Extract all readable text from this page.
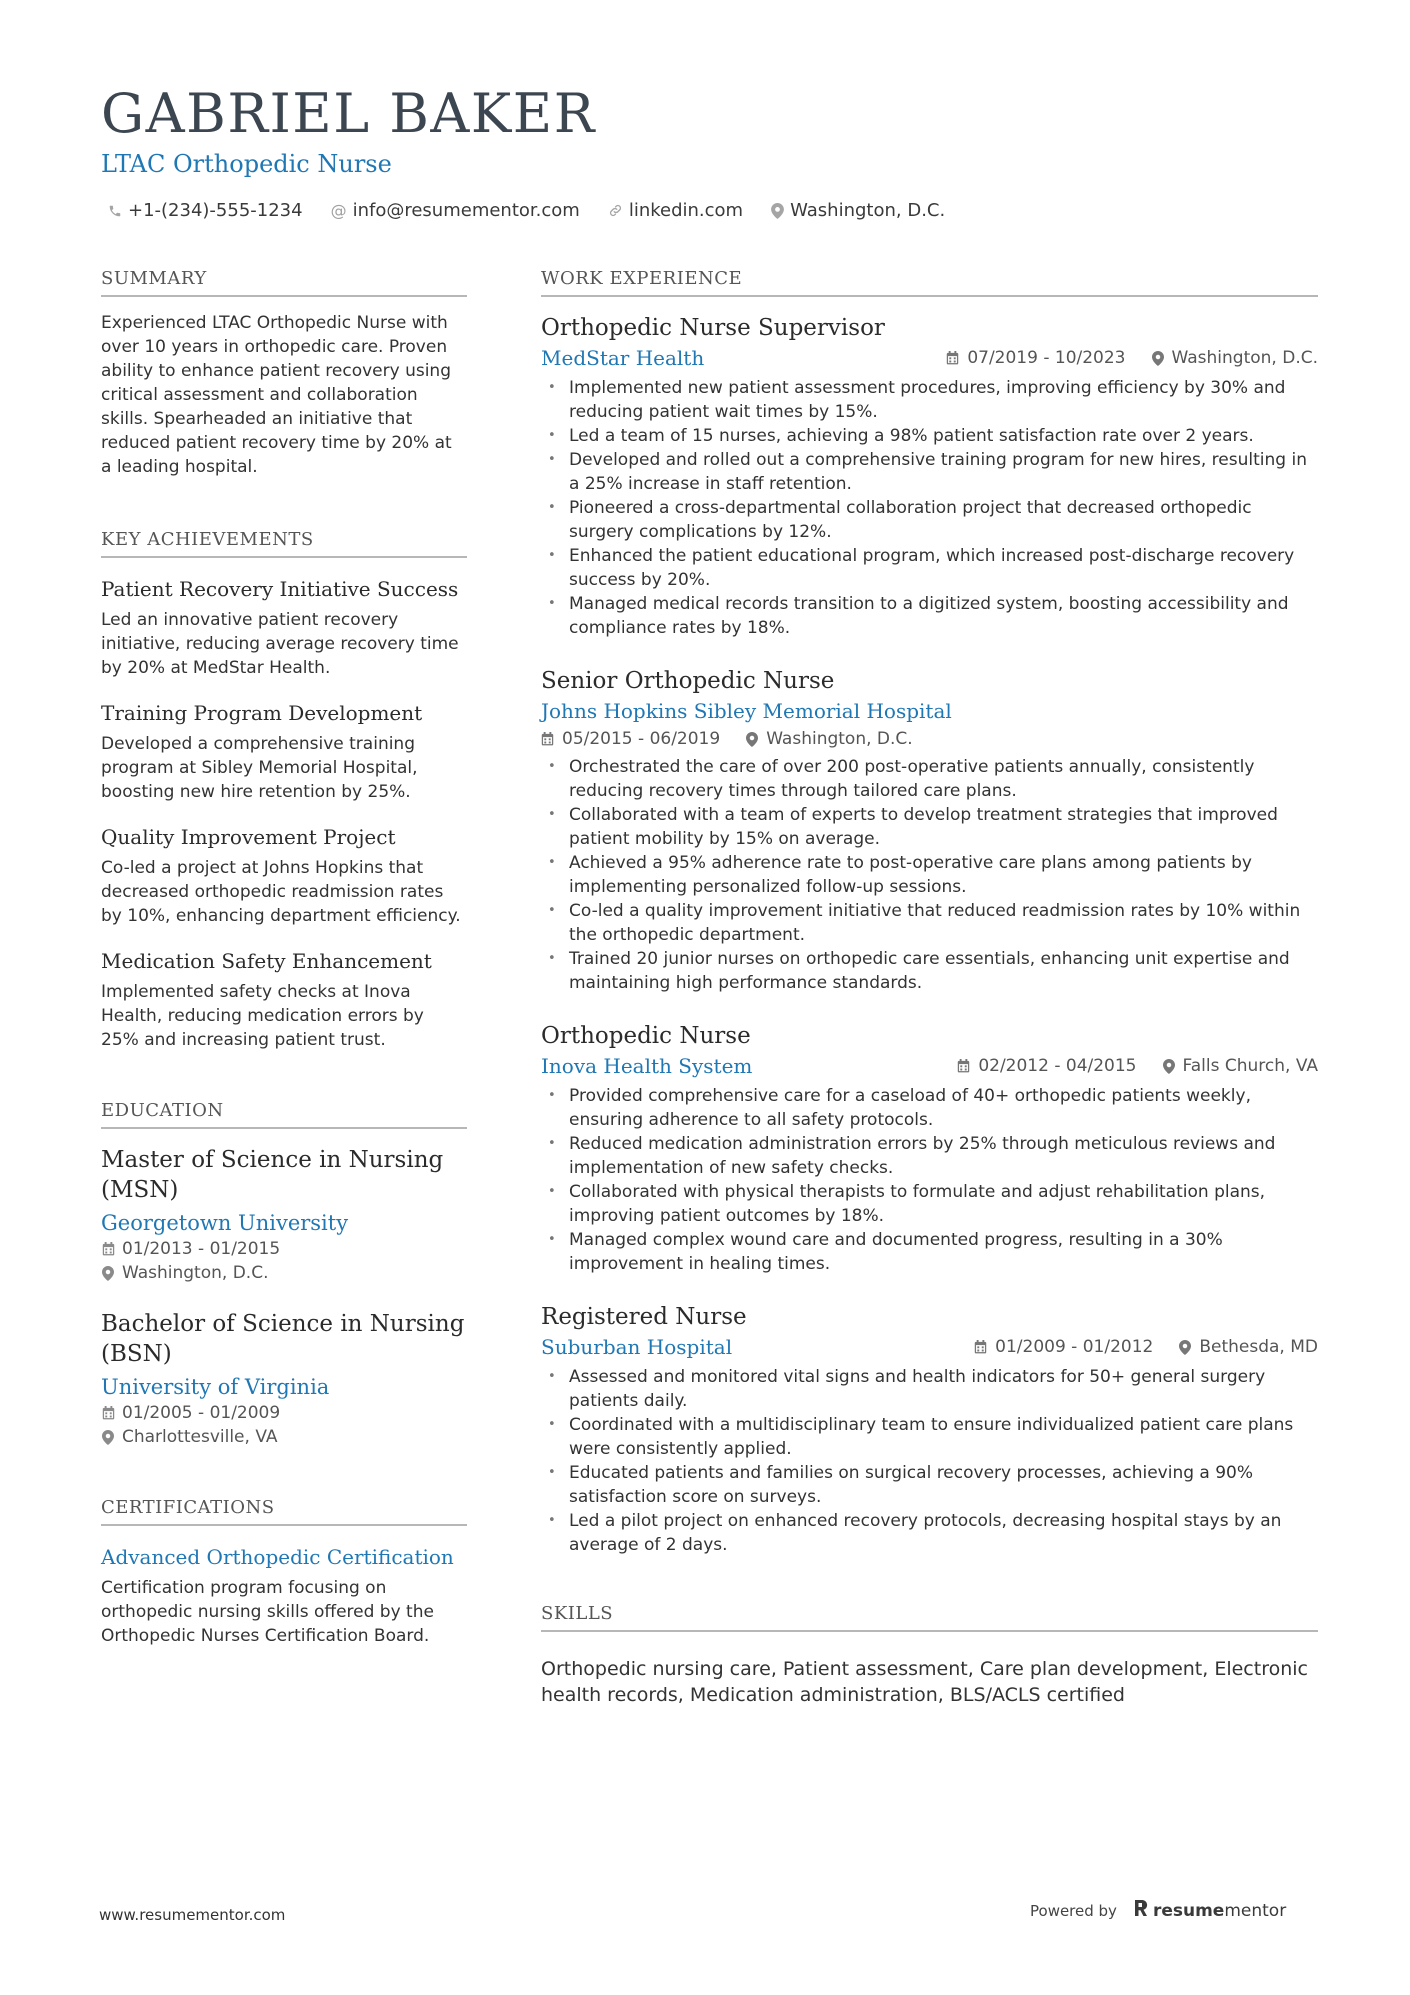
GABRIEL BAKER
LTAC Orthopedic Nurse
+1-(234)-555-1234 @ info@resumementor.com	linkedin.com	Washington, D.C.
SUMMARY
Experienced LTAC Orthopedic Nurse with over 10 years in orthopedic care. Proven ability to enhance patient recovery using critical assessment and collaboration skills. Spearheaded an initiative that reduced patient recovery time by 20% at a leading hospital.
KEY ACHIEVEMENTS
Patient Recovery Initiative Success
Led an innovative patient recovery initiative, reducing average recovery time by 20% at MedStar Health.
Training Program Development
Developed a comprehensive training program at Sibley Memorial Hospital, boosting new hire retention by 25%.
Quality Improvement Project
Co-led a project at Johns Hopkins that decreased orthopedic readmission rates by 10%, enhancing department efficiency.
Medication Safety Enhancement
Implemented safety checks at Inova Health, reducing medication errors by 25% and increasing patient trust.
EDUCATION
Master of Science in Nursing (MSN)
Georgetown University
01/2013 - 01/2015
Washington, D.C.
Bachelor of Science in Nursing (BSN)
University of Virginia
01/2005 - 01/2009
Charlottesville, VA
CERTIFICATIONS
Advanced Orthopedic Certification
Certification program focusing on orthopedic nursing skills offered by the Orthopedic Nurses Certification Board.
WORK EXPERIENCE
Orthopedic Nurse Supervisor
MedStar Health	07/2019 - 10/2023	Washington, D.C.
• Implemented new patient assessment procedures, improving efficiency by 30% and reducing patient wait times by 15%.
• Led a team of 15 nurses, achieving a 98% patient satisfaction rate over 2 years.
• Developed and rolled out a comprehensive training program for new hires, resulting in a 25% increase in staff retention.
• Pioneered a cross-departmental collaboration project that decreased orthopedic surgery complications by 12%.
• Enhanced the patient educational program, which increased post-discharge recovery success by 20%.
• Managed medical records transition to a digitized system, boosting accessibility and compliance rates by 18%.
Senior Orthopedic Nurse
Johns Hopkins Sibley Memorial Hospital
05/2015 - 06/2019	Washington, D.C.
• Orchestrated the care of over 200 post-operative patients annually, consistently reducing recovery times through tailored care plans.
• Collaborated with a team of experts to develop treatment strategies that improved patient mobility by 15% on average.
• Achieved a 95% adherence rate to post-operative care plans among patients by implementing personalized follow-up sessions.
• Co-led a quality improvement initiative that reduced readmission rates by 10% within the orthopedic department.
• Trained 20 junior nurses on orthopedic care essentials, enhancing unit expertise and maintaining high performance standards.
Orthopedic Nurse
Inova Health System	02/2012 - 04/2015	Falls Church, VA
• Provided comprehensive care for a caseload of 40+ orthopedic patients weekly, ensuring adherence to all safety protocols.
• Reduced medication administration errors by 25% through meticulous reviews and implementation of new safety checks.
• Collaborated with physical therapists to formulate and adjust rehabilitation plans, improving patient outcomes by 18%.
• Managed complex wound care and documented progress, resulting in a 30% improvement in healing times.
Registered Nurse
Suburban Hospital	01/2009 - 01/2012	Bethesda, MD
• Assessed and monitored vital signs and health indicators for 50+ general surgery patients daily.
• Coordinated with a multidisciplinary team to ensure individualized patient care plans were consistently applied.
• Educated patients and families on surgical recovery processes, achieving a 90% satisfaction score on surveys.
• Led a pilot project on enhanced recovery protocols, decreasing hospital stays by an average of 2 days.
SKILLS
Orthopedic nursing care, Patient assessment, Care plan development, Electronic health records, Medication administration, BLS/ACLS certified
www.resumementor.com	Powered by resume mentor
